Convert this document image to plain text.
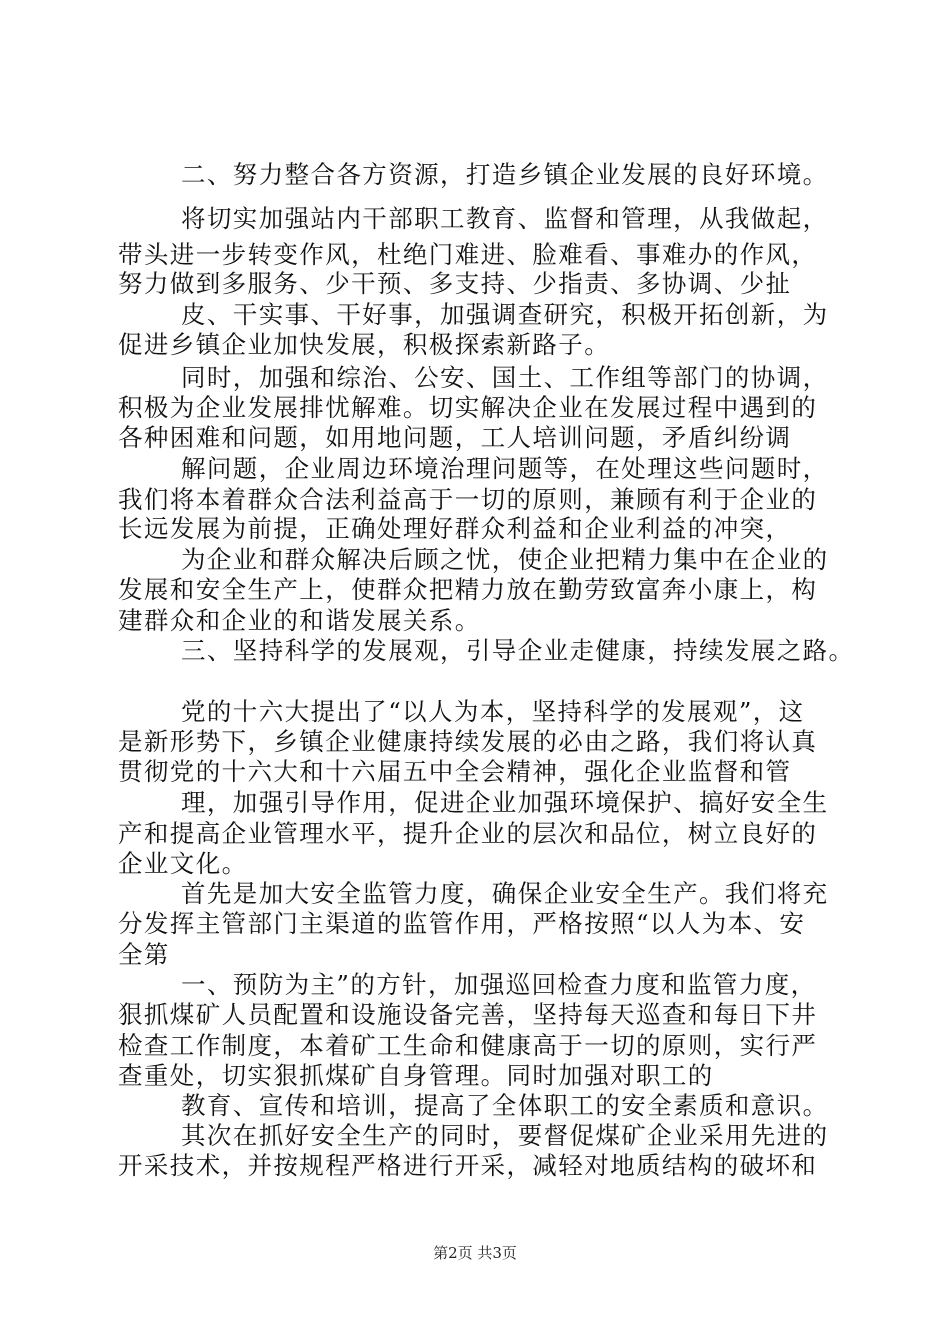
二、努力整合各方资源，打造乡镇企业发展的良好环境。
将切实加强站内干部职工教育、监督和管理，从我做起，
带头进一步转变作风，杜绝门难进、脸难看、事难办的作风，
努力做到多服务、少干预、多支持、少指责、多协调、少扯
皮、干实事、干好事，加强调查研究，积极开拓创新，为
促进乡镇企业加快发展，积极探索新路子。
同时，加强和综治、公安、国土、工作组等部门的协调，
积极为企业发展排忧解难。切实解决企业在发展过程中遇到的
各种困难和问题，如用地问题，工人培训问题，矛盾纠纷调
解问题，企业周边环境治理问题等，在处理这些问题时，
我们将本着群众合法利益高于一切的原则，兼顾有利于企业的
长远发展为前提，正确处理好群众利益和企业利益的冲突，
为企业和群众解决后顾之忧，使企业把精力集中在企业的
发展和安全生产上，使群众把精力放在勤劳致富奔小康上，构
建群众和企业的和谐发展关系。
三、坚持科学的发展观，引导企业走健康，持续发展之路。
党的十六大提出了“以人为本，坚持科学的发展观”，这
是新形势下，乡镇企业健康持续发展的必由之路，我们将认真
贯彻党的十六大和十六届五中全会精神，强化企业监督和管
理，加强引导作用，促进企业加强环境保护、搞好安全生
产和提高企业管理水平，提升企业的层次和品位，树立良好的
企业文化。
首先是加大安全监管力度，确保企业安全生产。我们将充
分发挥主管部门主渠道的监管作用，严格按照“以人为本、安
全第
一、预防为主”的方针，加强巡回检查力度和监管力度，
狠抓煤矿人员配置和设施设备完善，坚持每天巡查和每日下井
检查工作制度，本着矿工生命和健康高于一切的原则，实行严
查重处，切实狠抓煤矿自身管理。同时加强对职工的
教育、宣传和培训，提高了全体职工的安全素质和意识。
其次在抓好安全生产的同时，要督促煤矿企业采用先进的
开采技术，并按规程严格进行开采，减轻对地质结构的破坏和
第2页 共3页
